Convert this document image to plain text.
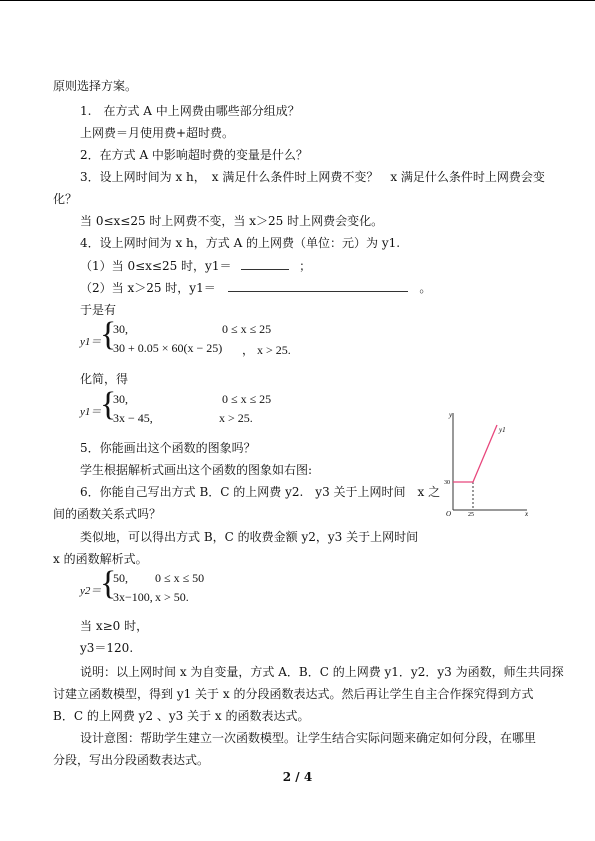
原则选择方案。
1.　在方式 A 中上网费由哪些部分组成？
上网费＝月使用费+超时费。
2．在方式 A 中影响超时费的变量是什么？
3．设上网时间为 x h，　x 满足什么条件时上网费不变？　x 满足什么条件时上网费会变
化？
当 0≤x≤25 时上网费不变，当 x＞25 时上网费会变化。
4．设上网时间为 x h，方式 A 的上网费（单位：元）为 y1.
（1）当 0≤x≤25 时，y1＝	；
（2）当 x＞25 时，y1＝	。
于是有
y1＝
{
30,	0 ≤ x ≤ 25
30 + 0.05 × 60(x − 25) ， x > 25.
化简，得
y1＝
{
30,	0 ≤ x ≤ 25
3x − 45,	x > 25.
5．你能画出这个函数的图象吗？
学生根据解析式画出这个函数的图象如右图:
6．你能自己写出方式 B．C 的上网费 y2.　y3 关于上网时间　x 之
间的函数关系式吗？
类似地，可以得出方式 B，C 的收费金额 y2，y3 关于上网时间
x 的函数解析式。
y2＝
{
50, 0 ≤ x ≤ 50
3x−100, x > 50.
当 x≥0 时，
y3＝120.
说明：以上网时间 x 为自变量，方式 A．B．C 的上网费 y1．y2．y3 为函数，师生共同探
讨建立函数模型，得到 y1 关于 x 的分段函数表达式。然后再让学生自主合作探究得到方式
B．C 的上网费 y2 、y3 关于 x 的函数表达式。
设计意图：帮助学生建立一次函数模型。让学生结合实际问题来确定如何分段，在哪里
分段，写出分段函数表达式。
y
x
O
30
25
y1
2 / 4
